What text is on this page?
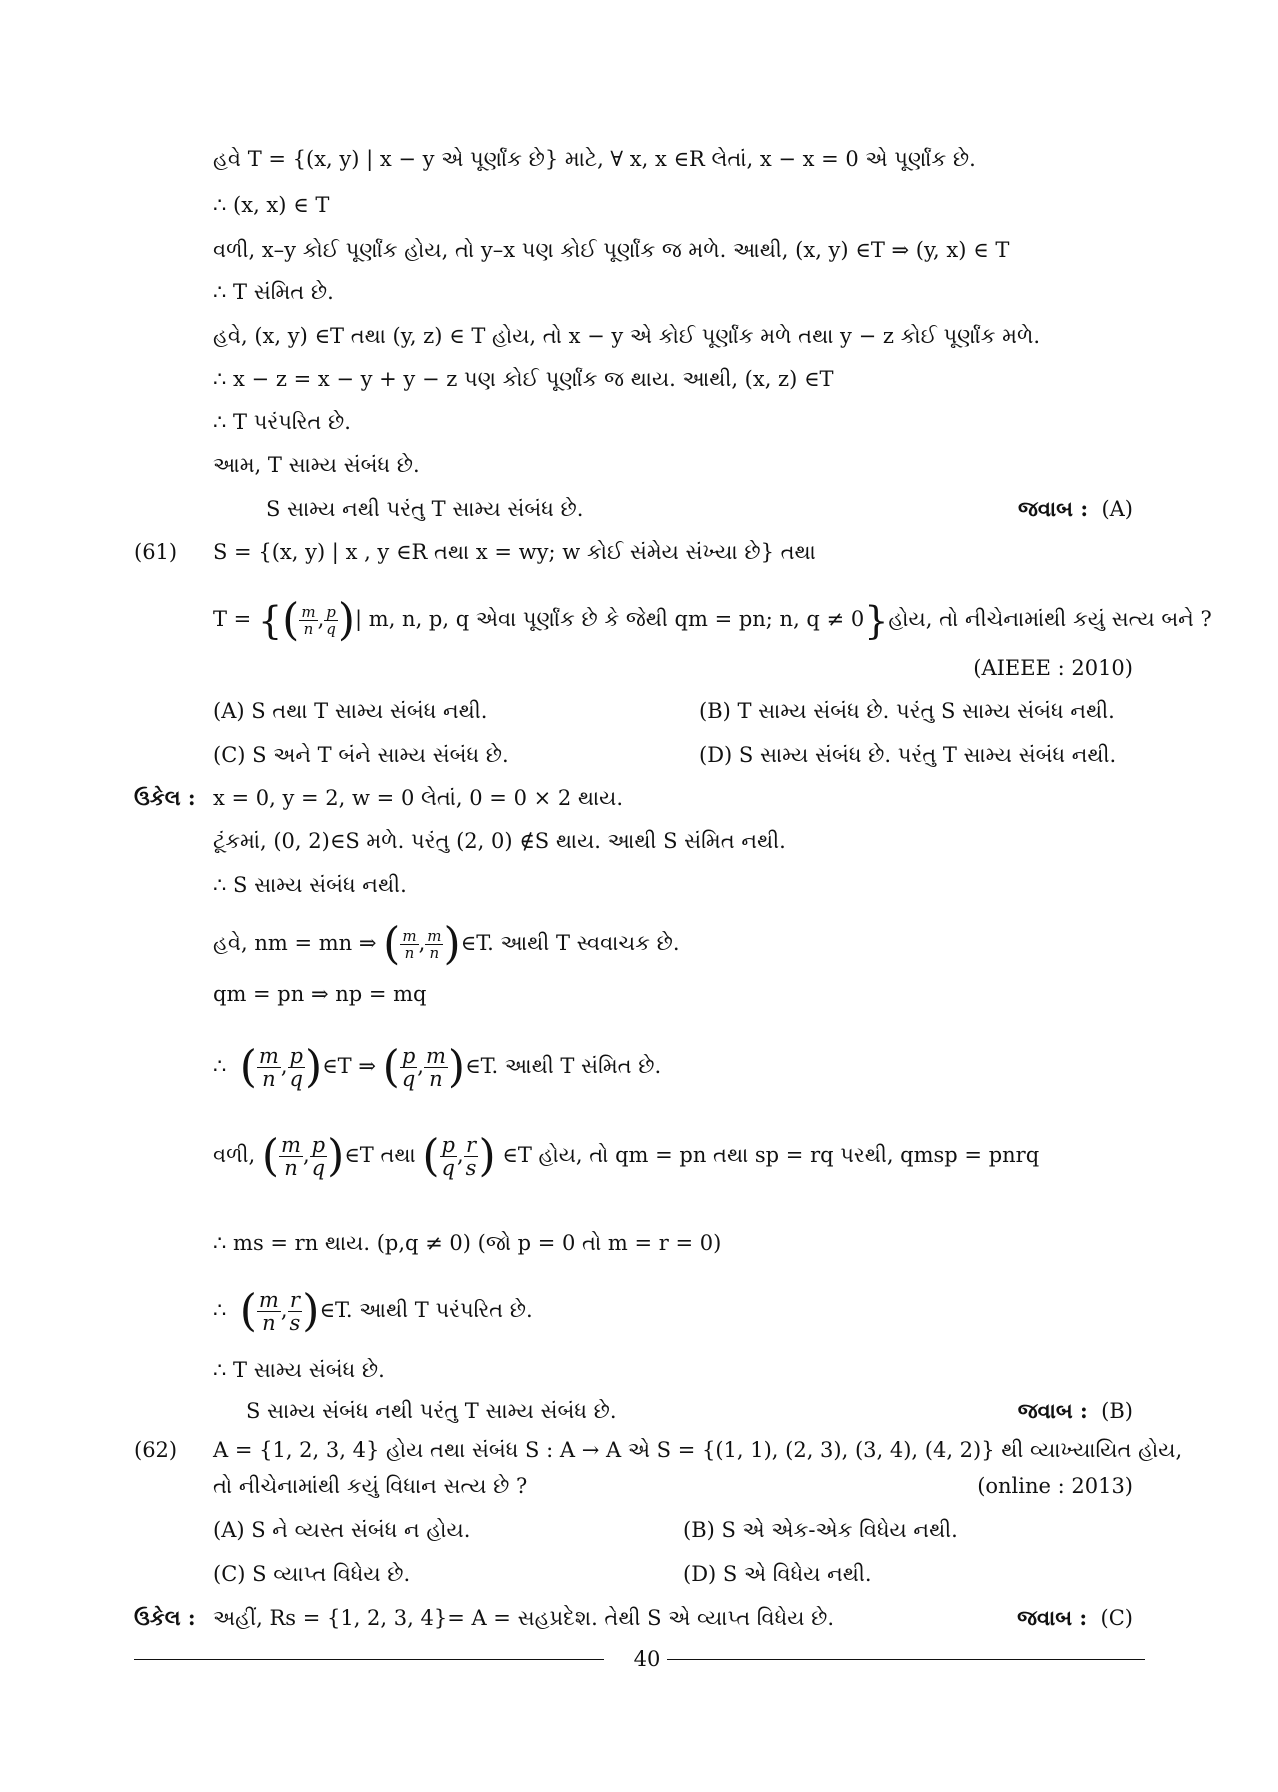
હવે T = {(x, y) | x − y એ પૂર્ણાંક છે} માટે, ∀ x, x ∈R લેતાં, x − x = 0 એ પૂર્ણાંક છે.
∴ (x, x) ∈ T
વળી, x–y કોઈ પૂર્ણાંક હોય, તો y–x પણ કોઈ પૂર્ણાંક જ મળે. આથી, (x, y) ∈T ⇒ (y, x) ∈ T
∴ T સંમિત છે.
હવે, (x, y) ∈T તથા (y, z) ∈ T હોય, તો x − y એ કોઈ પૂર્ણાંક મળે તથા y − z કોઈ પૂર્ણાંક મળે.
∴ x − z = x − y + y − z પણ કોઈ પૂર્ણાંક જ થાય. આથી, (x, z) ∈T
∴ T પરંપરિત છે.
આમ, T સામ્ય સંબંધ છે.
S સામ્ય નથી પરંતુ T સામ્ય સંબંધ છે.	જવાબ : (A)
(61) S = {(x, y) | x , y ∈R તથા x = wy; w કોઈ સંમેય સંખ્યા છે} તથા
T = {( $\frac{m}{n}$ , $\frac{p}{q}$ )| m, n, p, q એવા પૂર્ણાંક છે કે જેથી qm = pn; n, q ≠ 0}હોય, તો નીચેનામાંથી કયું સત્ય બને ?
(AIEEE : 2010)
(A) S તથા T સામ્ય સંબંધ નથી.	(B) T સામ્ય સંબંધ છે. પરંતુ S સામ્ય સંબંધ નથી.
(C) S અને T બંને સામ્ય સંબંધ છે.	(D) S સામ્ય સંબંધ છે. પરંતુ T સામ્ય સંબંધ નથી.
ઉકેલ : x = 0, y = 2, w = 0 લેતાં, 0 = 0 × 2 થાય.
ટૂંકમાં, (0, 2)∈S મળે. પરંતુ (2, 0) ∉S થાય. આથી S સંમિત નથી.
∴ S સામ્ય સંબંધ નથી.
હવે, nm = mn ⇒ ( $\frac{m}{n}$ , $\frac{m}{n}$ )∈T. આથી T સ્વવાચક છે.
qm = pn ⇒ np = mq
∴ ( $\frac{m}{n}$ , $\frac{p}{q}$ )∈T ⇒ ( $\frac{p}{q}$ , $\frac{m}{n}$ )∈T. આથી T સંમિત છે.
વળી, ( $\frac{m}{n}$ , $\frac{p}{q}$ )∈T તથા ( $\frac{p}{q}$ , $\frac{r}{s}$ ) ∈T હોય, તો qm = pn તથા sp = rq પરથી, qmsp = pnrq
∴ ms = rn થાય. (p,q ≠ 0) (જો p = 0 તો m = r = 0)
∴ ( $\frac{m}{n}$ , $\frac{r}{s}$ )∈T. આથી T પરંપરિત છે.
∴ T સામ્ય સંબંધ છે.
S સામ્ય સંબંધ નથી પરંતુ T સામ્ય સંબંધ છે.	જવાબ : (B)
(62) A = {1, 2, 3, 4} હોય તથા સંબંધ S : A → A એ S = {(1, 1), (2, 3), (3, 4), (4, 2)} થી વ્યાખ્યાયિત હોય,
તો નીચેનામાંથી કયું વિધાન સત્ય છે ?	(online : 2013)
(A) S ને વ્યસ્ત સંબંધ ન હોય.	(B) S એ એક-એક વિધેય નથી.
(C) S વ્યાપ્ત વિધેય છે.	(D) S એ વિધેય નથી.
ઉકેલ : અહીં, Rs = {1, 2, 3, 4}= A = સહપ્રદેશ. તેથી S એ વ્યાપ્ત વિધેય છે.	જવાબ : (C)
40
